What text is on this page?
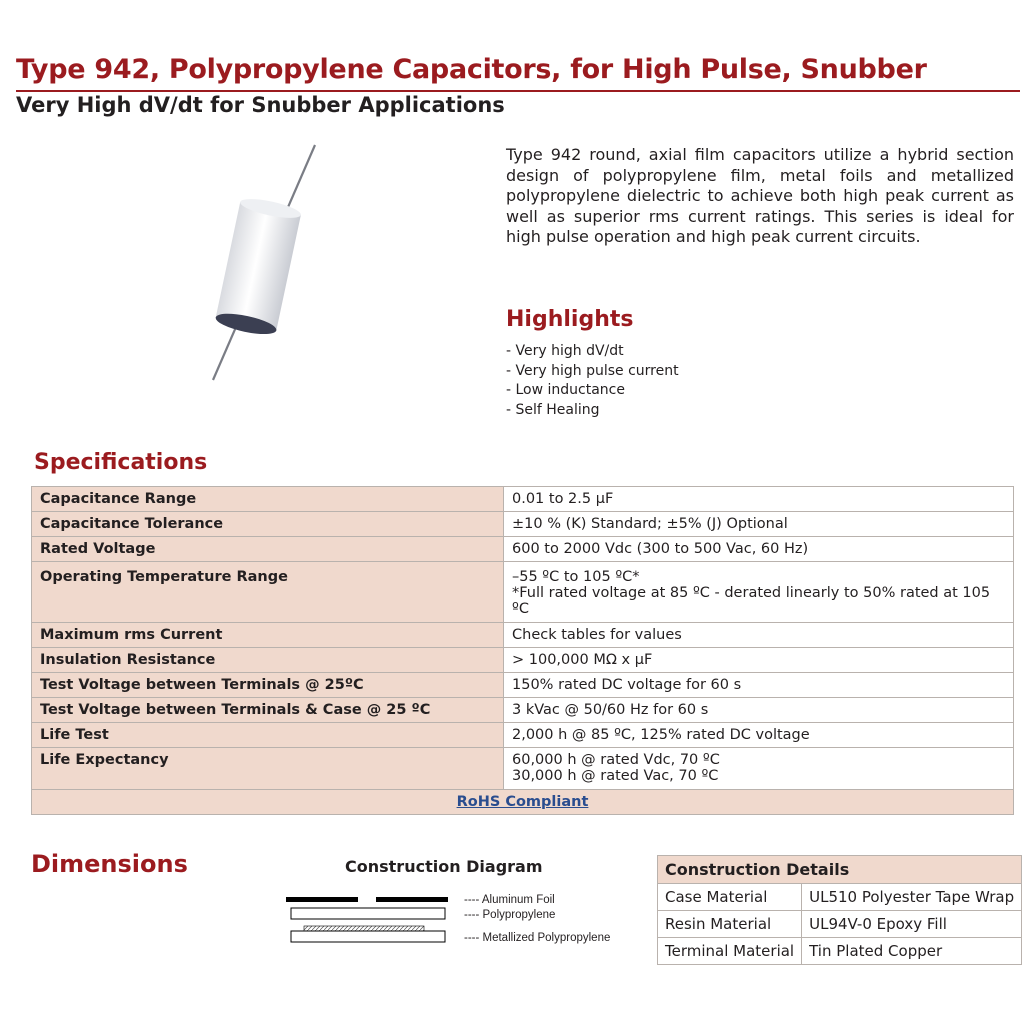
Type 942, Polypropylene Capacitors, for High Pulse, Snubber
Very High dV/dt for Snubber Applications
Type 942 round, axial film capacitors utilize a hybrid section design of polypropylene film, metal foils and metallized polypropylene dielectric to achieve both high peak current as well as superior rms current ratings. This series is ideal for high pulse operation and high peak current circuits.
Highlights
- Very high dV/dt
- Very high pulse current
- Low inductance
- Self Healing
Specifications
Capacitance Range	0.01 to 2.5 µF
Capacitance Tolerance	±10 % (K) Standard; ±5% (J) Optional
Rated Voltage	600 to 2000 Vdc (300 to 500 Vac, 60 Hz)
Operating Temperature Range	–55 ºC to 105 ºC*
*Full rated voltage at 85 ºC - derated linearly to 50% rated at 105 ºC

Maximum rms Current	Check tables for values
Insulation Resistance	> 100,000 MΩ x µF
Test Voltage between Terminals @ 25ºC	150% rated DC voltage for 60 s
Test Voltage between Terminals & Case @ 25 ºC	3 kVac @ 50/60 Hz for 60 s
Life Test	2,000 h @ 85 ºC, 125% rated DC voltage
Life Expectancy	60,000 h @ rated Vdc, 70 ºC
30,000 h @ rated Vac, 70 ºC

RoHS Compliant	
Dimensions	Construction Diagram
---- Aluminum Foil
---- Polypropylene
---- Metallized Polypropylene
Construction Details	
Case Material	UL510 Polyester Tape Wrap
Resin Material	UL94V-0 Epoxy Fill
Terminal Material	Tin Plated Copper
